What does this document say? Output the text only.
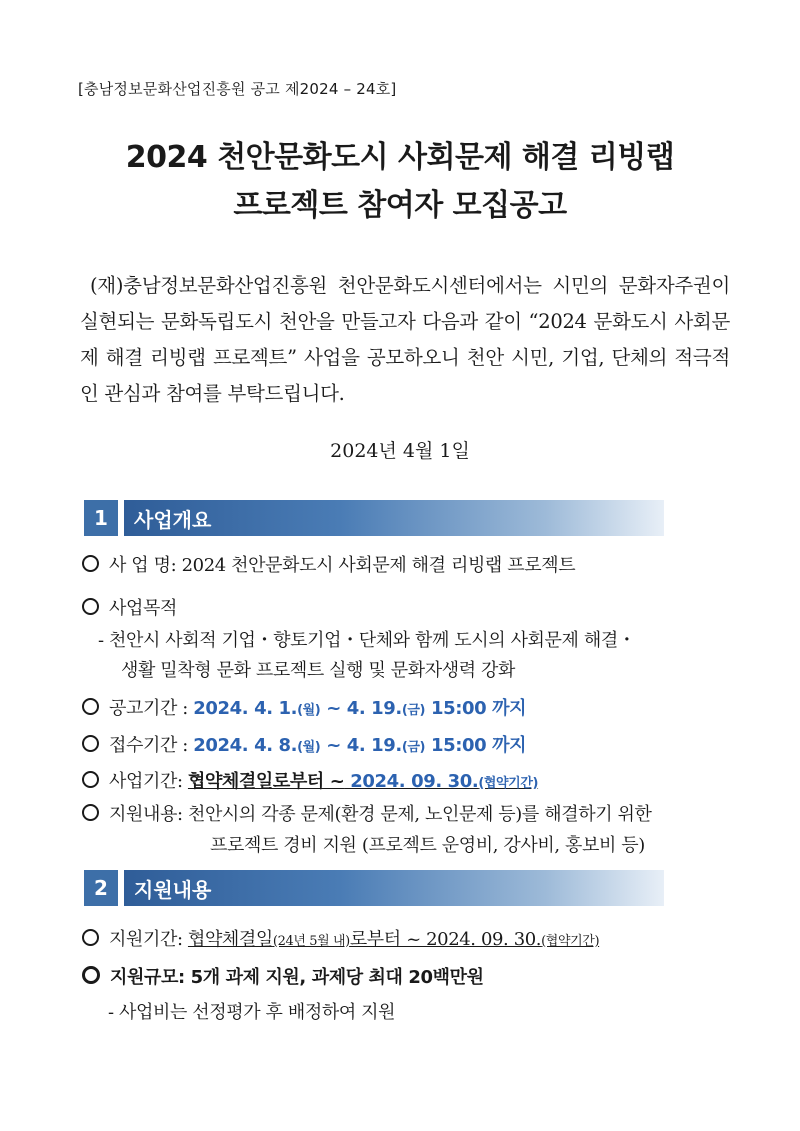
[충남정보문화산업진흥원 공고 제2024 – 24호]
2024 천안문화도시 사회문제 해결 리빙랩
프로젝트 참여자 모집공고
(재)충남정보문화산업진흥원 천안문화도시센터에서는 시민의 문화자주권이 실현되는 문화독립도시 천안을 만들고자 다음과 같이 “2024 문화도시 사회문제 해결 리빙랩 프로젝트” 사업을 공모하오니 천안 시민, 기업, 단체의 적극적인 관심과 참여를 부탁드립니다.
2024년 4월 1일
1	사업개요
사 업 명: 2024 천안문화도시 사회문제 해결 리빙랩 프로젝트
사업목적
- 천안시 사회적 기업・향토기업・단체와 함께 도시의 사회문제 해결・
생활 밀착형 문화 프로젝트 실행 및 문화자생력 강화
공고기간 : 2024. 4. 1.(월) ~ 4. 19.(금) 15:00 까지
접수기간 : 2024. 4. 8.(월) ~ 4. 19.(금) 15:00 까지
사업기간: 협약체결일로부터 ~ 2024. 09. 30.(협약기간)
지원내용: 천안시의 각종 문제(환경 문제, 노인문제 등)를 해결하기 위한
프로젝트 경비 지원 (프로젝트 운영비, 강사비, 홍보비 등)
2	지원내용
지원기간: 협약체결일(24년 5월 내)로부터 ~ 2024. 09. 30.(협약기간)
지원규모: 5개 과제 지원, 과제당 최대 20백만원
- 사업비는 선정평가 후 배정하여 지원
